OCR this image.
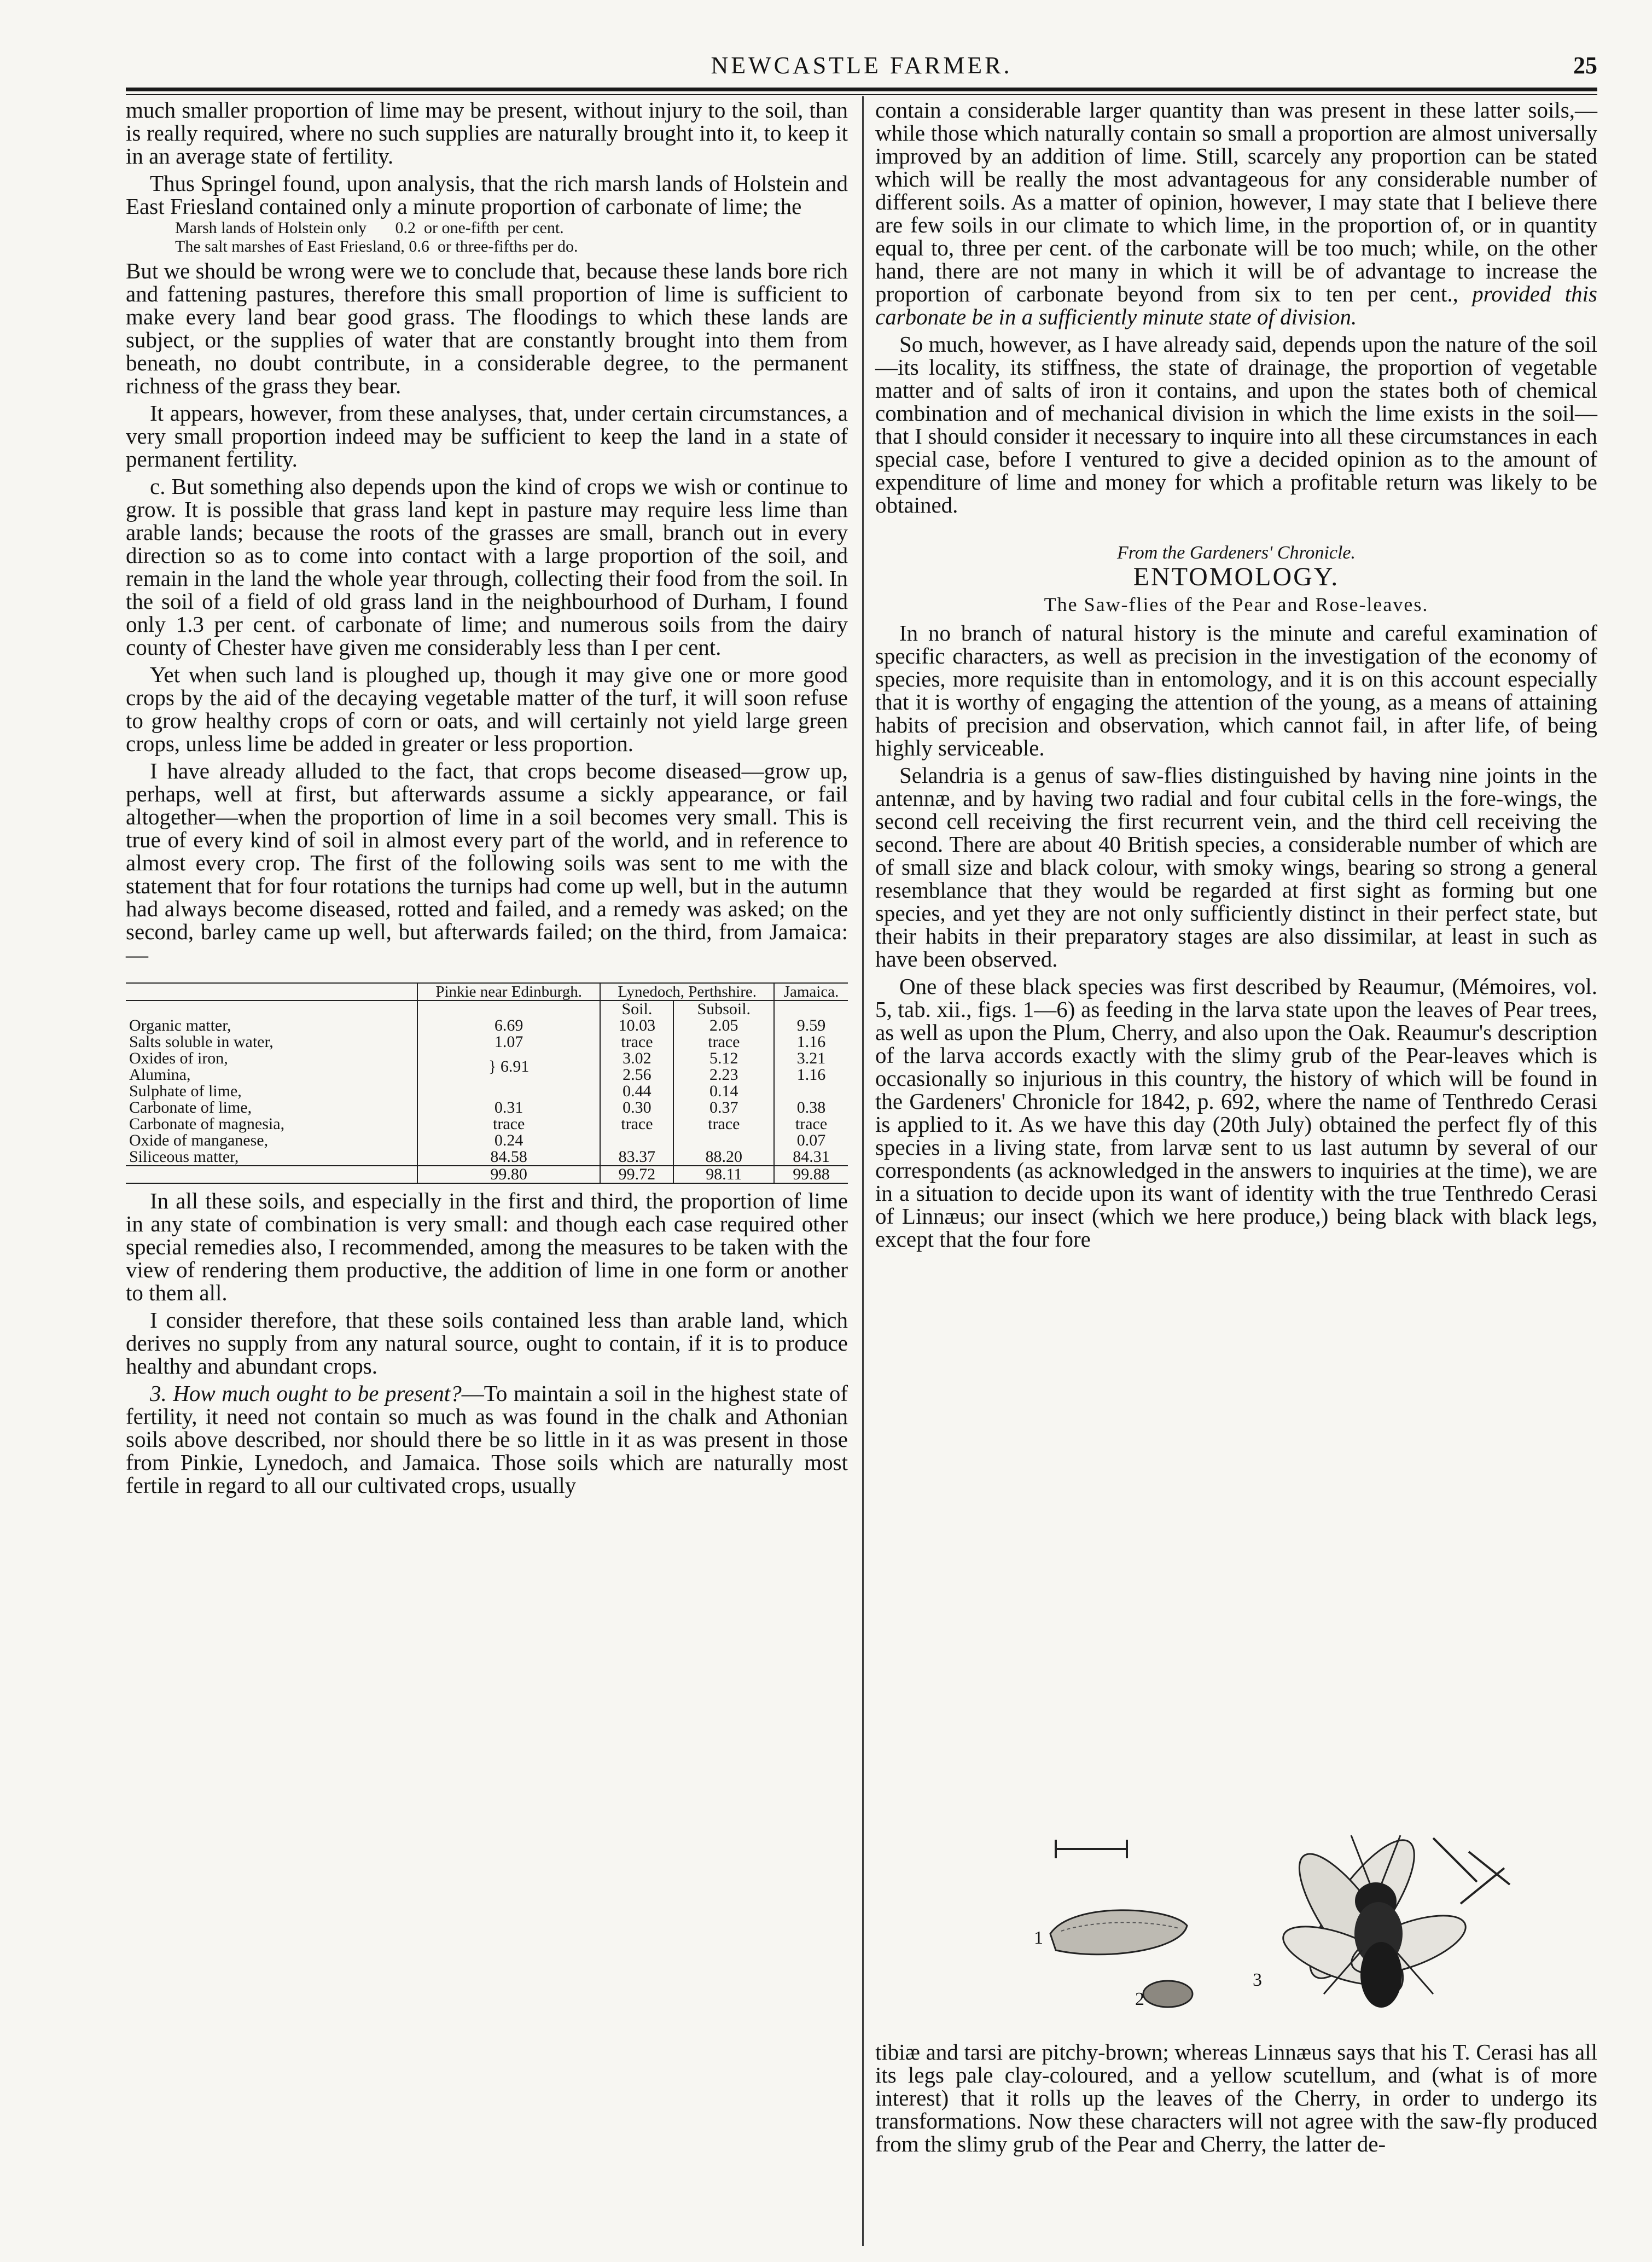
NEWCASTLE FARMER.	25

much smaller proportion of lime may be present, without injury to the soil, than is really required, where no such supplies are naturally brought into it, to keep it in an average state of fertility.

Thus Springel found, upon analysis, that the rich marsh lands of Holstein and East Friesland contained only a minute proportion of carbonate of lime; the

Marsh lands of Holstein only       0.2  or one-fifth  per cent.
The salt marshes of East Friesland, 0.6  or three-fifths per do.

But we should be wrong were we to conclude that, because these lands bore rich and fattening pastures, therefore this small proportion of lime is sufficient to make every land bear good grass. The floodings to which these lands are subject, or the supplies of water that are constantly brought into them from beneath, no doubt contribute, in a considerable degree, to the permanent richness of the grass they bear.

It appears, however, from these analyses, that, under certain circumstances, a very small proportion indeed may be sufficient to keep the land in a state of permanent fertility.

c. But something also depends upon the kind of crops we wish or continue to grow. It is possible that grass land kept in pasture may require less lime than arable lands; because the roots of the grasses are small, branch out in every direction so as to come into contact with a large proportion of the soil, and remain in the land the whole year through, collecting their food from the soil. In the soil of a field of old grass land in the neighbourhood of Durham, I found only 1.3 per cent. of carbonate of lime; and numerous soils from the dairy county of Chester have given me considerably less than I per cent.

Yet when such land is ploughed up, though it may give one or more good crops by the aid of the decaying vegetable matter of the turf, it will soon refuse to grow healthy crops of corn or oats, and will certainly not yield large green crops, unless lime be added in greater or less proportion.

I have already alluded to the fact, that crops become diseased—grow up, perhaps, well at first, but afterwards assume a sickly appearance, or fail altogether—when the proportion of lime in a soil becomes very small. This is true of every kind of soil in almost every part of the world, and in reference to almost every crop. The first of the following soils was sent to me with the statement that for four rotations the turnips had come up well, but in the autumn had always become diseased, rotted and failed, and a remedy was asked; on the second, barley came up well, but afterwards failed; on the third, from Jamaica:—

	Pinkie near Edinburgh.	Lynedoch, Perthshire.		Jamaica.
		Soil.	Subsoil.	
Organic matter,	6.69	10.03	2.05	9.59
Salts soluble in water,	1.07	trace	trace	1.16
Oxides of iron,	} 6.91	3.02	5.12	3.21
Alumina,		2.56	2.23	1.16
Sulphate of lime,		0.44	0.14	
Carbonate of lime,	0.31	0.30	0.37	0.38
Carbonate of magnesia,	trace	trace	trace	trace
Oxide of manganese,	0.24			0.07
Siliceous matter,	84.58	83.37	88.20	84.31
	99.80	99.72	98.11	99.88

In all these soils, and especially in the first and third, the proportion of lime in any state of combination is very small: and though each case required other special remedies also, I recommended, among the measures to be taken with the view of rendering them productive, the addition of lime in one form or another to them all.

I consider therefore, that these soils contained less than arable land, which derives no supply from any natural source, ought to contain, if it is to produce healthy and abundant crops.

3. How much ought to be present?—To maintain a soil in the highest state of fertility, it need not contain so much as was found in the chalk and Athonian soils above described, nor should there be so little in it as was present in those from Pinkie, Lynedoch, and Jamaica. Those soils which are naturally most fertile in regard to all our cultivated crops, usually

contain a considerable larger quantity than was present in these latter soils,—while those which naturally contain so small a proportion are almost universally improved by an addition of lime. Still, scarcely any proportion can be stated which will be really the most advantageous for any considerable number of different soils. As a matter of opinion, however, I may state that I believe there are few soils in our climate to which lime, in the proportion of, or in quantity equal to, three per cent. of the carbonate will be too much; while, on the other hand, there are not many in which it will be of advantage to increase the proportion of carbonate beyond from six to ten per cent., provided this carbonate be in a sufficiently minute state of division.

So much, however, as I have already said, depends upon the nature of the soil—its locality, its stiffness, the state of drainage, the proportion of vegetable matter and of salts of iron it contains, and upon the states both of chemical combination and of mechanical division in which the lime exists in the soil—that I should consider it necessary to inquire into all these circumstances in each special case, before I ventured to give a decided opinion as to the amount of expenditure of lime and money for which a profitable return was likely to be obtained.

From the Gardeners' Chronicle.
ENTOMOLOGY.
The Saw-flies of the Pear and Rose-leaves.

In no branch of natural history is the minute and careful examination of specific characters, as well as precision in the investigation of the economy of species, more requisite than in entomology, and it is on this account especially that it is worthy of engaging the attention of the young, as a means of attaining habits of precision and observation, which cannot fail, in after life, of being highly serviceable.

Selandria is a genus of saw-flies distinguished by having nine joints in the antennæ, and by having two radial and four cubital cells in the fore-wings, the second cell receiving the first recurrent vein, and the third cell receiving the second. There are about 40 British species, a considerable number of which are of small size and black colour, with smoky wings, bearing so strong a general resemblance that they would be regarded at first sight as forming but one species, and yet they are not only sufficiently distinct in their perfect state, but their habits in their preparatory stages are also dissimilar, at least in such as have been observed.

One of these black species was first described by Reaumur, (Mémoires, vol. 5, tab. xii., figs. 1—6) as feeding in the larva state upon the leaves of Pear trees, as well as upon the Plum, Cherry, and also upon the Oak. Reaumur's description of the larva accords exactly with the slimy grub of the Pear-leaves which is occasionally so injurious in this country, the history of which will be found in the Gardeners' Chronicle for 1842, p. 692, where the name of Tenthredo Cerasi is applied to it. As we have this day (20th July) obtained the perfect fly of this species in a living state, from larvæ sent to us last autumn by several of our correspondents (as acknowledged in the answers to inquiries at the time), we are in a situation to decide upon its want of identity with the true Tenthredo Cerasi of Linnæus; our insect (which we here produce,) being black with black legs, except that the four fore

1
2
3

tibiæ and tarsi are pitchy-brown; whereas Linnæus says that his T. Cerasi has all its legs pale clay-coloured, and a yellow scutellum, and (what is of more interest) that it rolls up the leaves of the Cherry, in order to undergo its transformations. Now these characters will not agree with the saw-fly produced from the slimy grub of the Pear and Cherry, the latter de-
